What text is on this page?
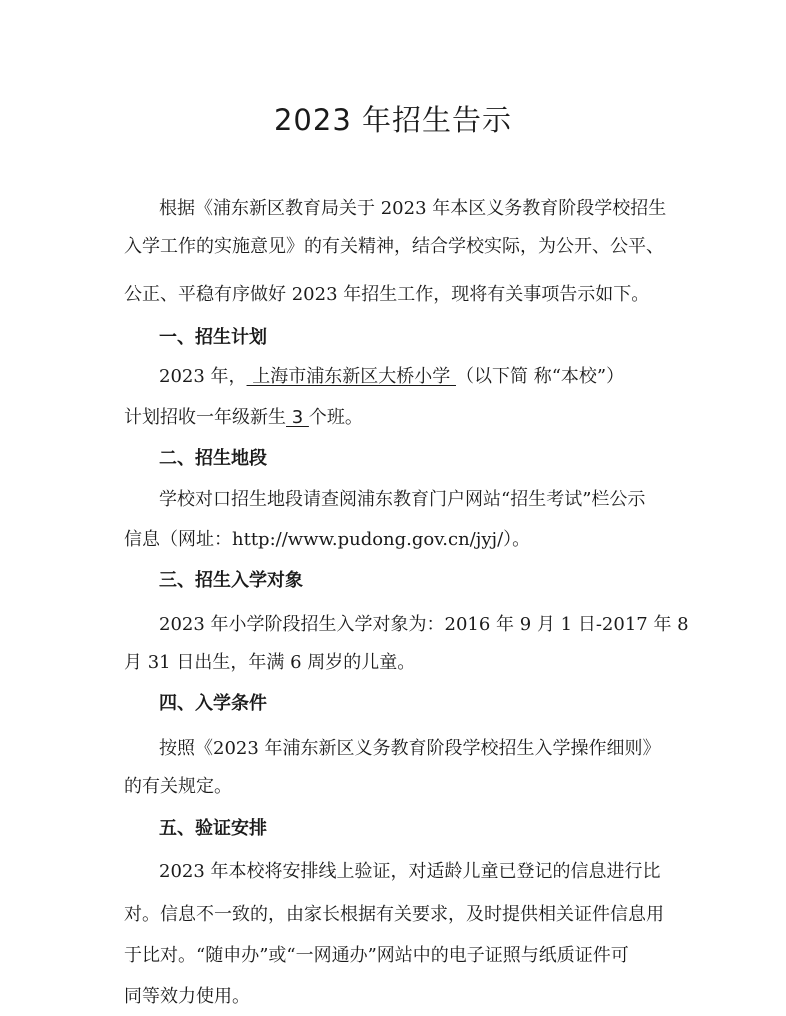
2023 年招生告示
根据《浦东新区教育局关于 2023 年本区义务教育阶段学校招生
入学工作的实施意见》的有关精神，结合学校实际，为公开、公平、
公正、平稳有序做好 2023 年招生工作，现将有关事项告示如下。
一、招生计划
2023 年， 上海市浦东新区大桥小学 （以下简 称“本校”）
计划招收一年级新生 3 个班。
二、招生地段
学校对口招生地段请查阅浦东教育门户网站“招生考试”栏公示
信息（网址：http://www.pudong.gov.cn/jyj/）。
三、招生入学对象
2023 年小学阶段招生入学对象为：2016 年 9 月 1 日-2017 年 8
月 31 日出生，年满 6 周岁的儿童。
四、入学条件
按照《2023 年浦东新区义务教育阶段学校招生入学操作细则》
的有关规定。
五、验证安排
2023 年本校将安排线上验证，对适龄儿童已登记的信息进行比
对。信息不一致的，由家长根据有关要求，及时提供相关证件信息用
于比对。“随申办”或“一网通办”网站中的电子证照与纸质证件可
同等效力使用。
